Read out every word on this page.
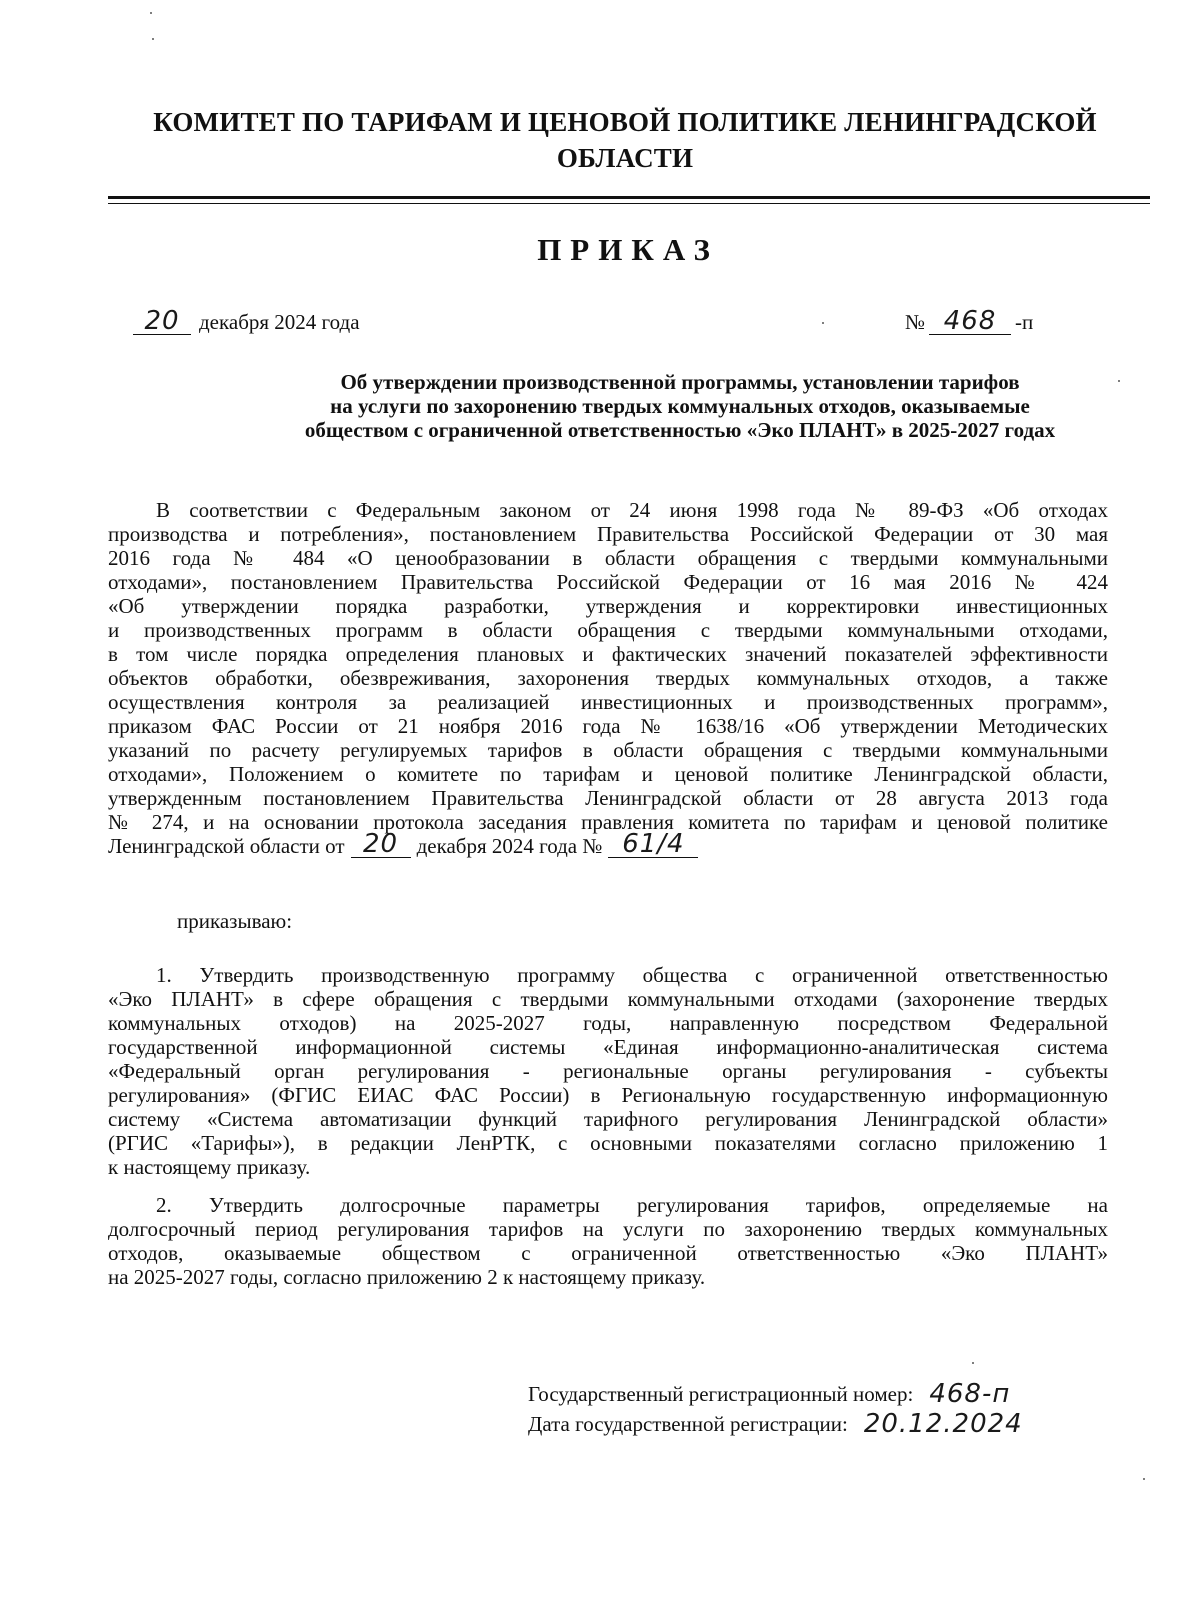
КОМИТЕТ ПО ТАРИФАМ И ЦЕНОВОЙ ПОЛИТИКЕ ЛЕНИНГРАДСКОЙ
ОБЛАСТИ
ПРИКАЗ
20 декабря 2024 года	№ 468 -п
Об утверждении производственной программы, установлении тарифов
на услуги по захоронению твердых коммунальных отходов, оказываемые
обществом с ограниченной ответственностью «Эко ПЛАНТ» в 2025-2027 годах
В соответствии с Федеральным законом от 24 июня 1998 года № 89-ФЗ «Об отходах
производства и потребления», постановлением Правительства Российской Федерации от 30 мая
2016 года № 484 «О ценообразовании в области обращения с твердыми коммунальными
отходами», постановлением Правительства Российской Федерации от 16 мая 2016 № 424
«Об утверждении порядка разработки, утверждения и корректировки инвестиционных
и производственных программ в области обращения с твердыми коммунальными отходами,
в том числе порядка определения плановых и фактических значений показателей эффективности
объектов обработки, обезвреживания, захоронения твердых коммунальных отходов, а также
осуществления контроля за реализацией инвестиционных и производственных программ»,
приказом ФАС России от 21 ноября 2016 года № 1638/16 «Об утверждении Методических
указаний по расчету регулируемых тарифов в области обращения с твердыми коммунальными
отходами», Положением о комитете по тарифам и ценовой политике Ленинградской области,
утвержденным постановлением Правительства Ленинградской области от 28 августа 2013 года
№ 274, и на основании протокола заседания правления комитета по тарифам и ценовой политике
Ленинградской области от 20 декабря 2024 года № 61/4
приказываю:
1. Утвердить производственную программу общества с ограниченной ответственностью
«Эко ПЛАНТ» в сфере обращения с твердыми коммунальными отходами (захоронение твердых
коммунальных отходов) на 2025-2027 годы, направленную посредством Федеральной
государственной информационной системы «Единая информационно-аналитическая система
«Федеральный орган регулирования - региональные органы регулирования - субъекты
регулирования» (ФГИС ЕИАС ФАС России) в Региональную государственную информационную
систему «Система автоматизации функций тарифного регулирования Ленинградской области»
(РГИС «Тарифы»), в редакции ЛенРТК, с основными показателями согласно приложению 1
к настоящему приказу.
2. Утвердить долгосрочные параметры регулирования тарифов, определяемые на
долгосрочный период регулирования тарифов на услуги по захоронению твердых коммунальных
отходов, оказываемые обществом с ограниченной ответственностью «Эко ПЛАНТ»
на 2025-2027 годы, согласно приложению 2 к настоящему приказу.
Государственный регистрационный номер: 468-п
Дата государственной регистрации: 20.12.2024
